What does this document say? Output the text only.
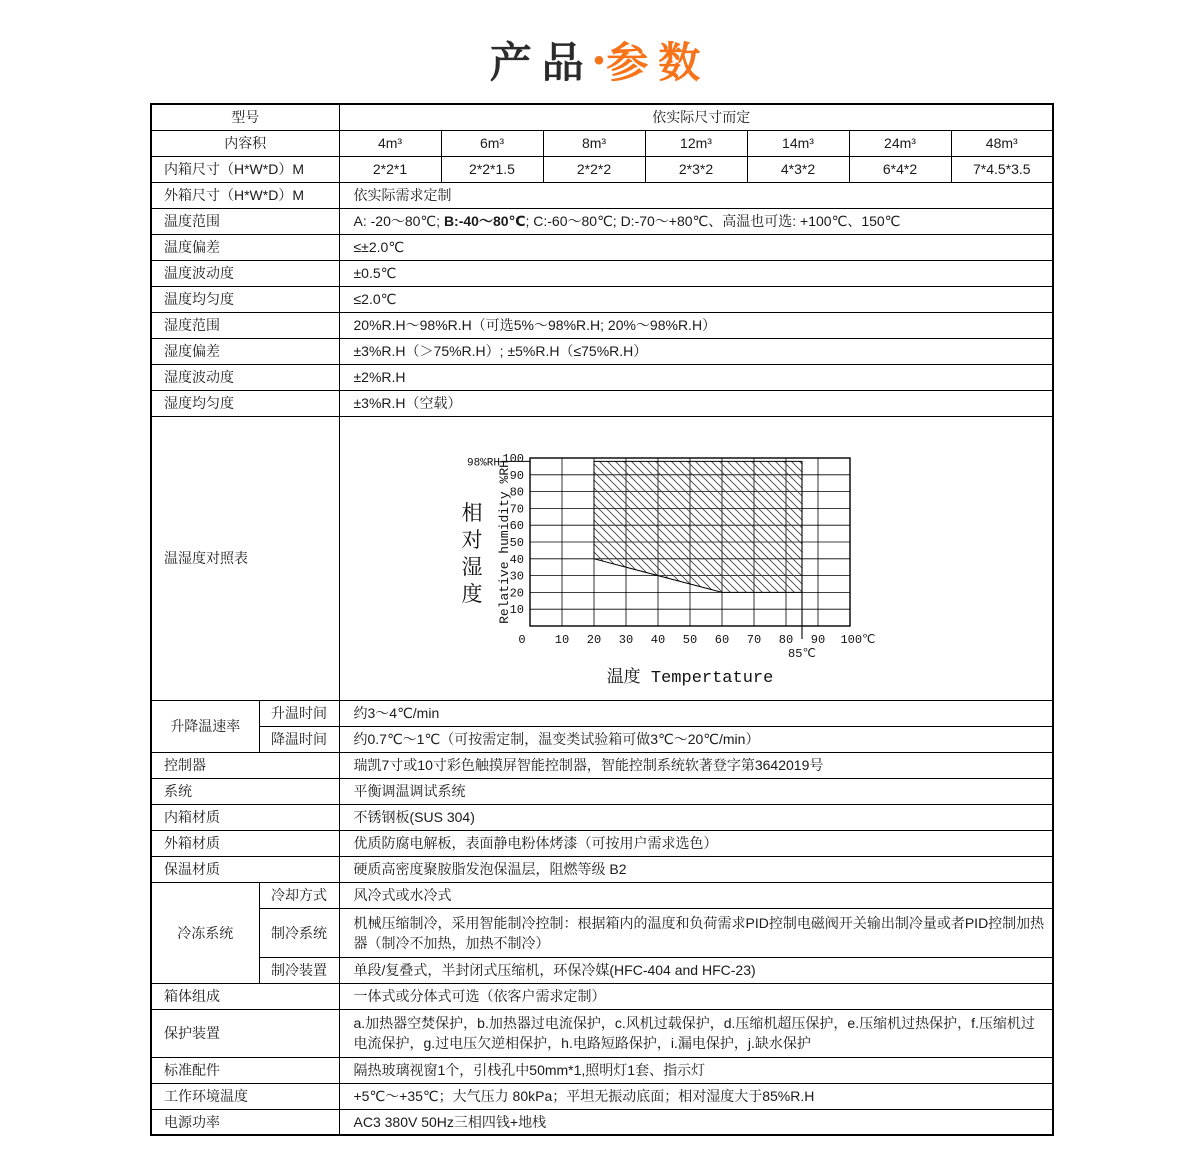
产品•参数
型号		依实际尺寸而定						
内容积		4m³	6m³	8m³	12m³	14m³	24m³	48m³
内箱尺寸（H*W*D）M		2*2*1	2*2*1.5	2*2*2	2*3*2	4*3*2	6*4*2	7*4.5*3.5
外箱尺寸（H*W*D）M		依实际需求定制						
温度范围		A: -20～80℃; B:-40～80℃; C:-60～80℃; D:-70～+80℃、高温也可选: +100℃、150℃						
温度偏差		≤±2.0℃						
温度波动度		±0.5℃						
温度均匀度		≤2.0℃						
湿度范围		20%R.H～98%R.H（可选5%～98%R.H; 20%～98%R.H）						
湿度偏差		±3%R.H（＞75%R.H）; ±5%R.H（≤75%R.H）						
湿度波动度		±2%R.H						
湿度均匀度		±3%R.H（空载）						
温湿度对照表	
85℃
98%RH
0 10 20 30 40 50 60 70 80 90 100℃
10
20
30
40
50
60
70
80
90
100
相
对
湿
度 Relative humidity %RH
温度 Tempertature

升降温速率	升温时间	约3～4℃/min						
	降温时间	约0.7℃～1℃（可按需定制，温变类试验箱可做3℃～20℃/min）						
控制器		瑞凯7寸或10寸彩色触摸屏智能控制器，智能控制系统软著登字第3642019号						
系统		平衡调温调试系统						
内箱材质		不锈钢板(SUS 304)						
外箱材质		优质防腐电解板，表面静电粉体烤漆（可按用户需求选色）						
保温材质		硬质高密度聚胺脂发泡保温层，阻燃等级 B2						
冷冻系统	冷却方式	风冷式或水冷式						
	制冷系统	机械压缩制冷，采用智能制冷控制：根据箱内的温度和负荷需求PID控制电磁阀开关输出制冷量或者PID控制加热器（制冷不加热，加热不制冷）						
	制冷装置	单段/复叠式，半封闭式压缩机，环保冷媒(HFC-404 and HFC-23)						
箱体组成		一体式或分体式可选（依客户需求定制）						
保护装置		a.加热器空焚保护，b.加热器过电流保护，c.风机过载保护，d.压缩机超压保护，e.压缩机过热保护，f.压缩机过电流保护，g.过电压欠逆相保护，h.电路短路保护，i.漏电保护，j.缺水保护						
标准配件		隔热玻璃视窗1个，引栈孔中50mm*1,照明灯1套、指示灯						
工作环境温度		+5℃～+35℃；大气压力 80kPa；平坦无振动底面；相对湿度大于85%R.H						
电源功率		AC3 380V 50Hz三相四钱+地栈						
